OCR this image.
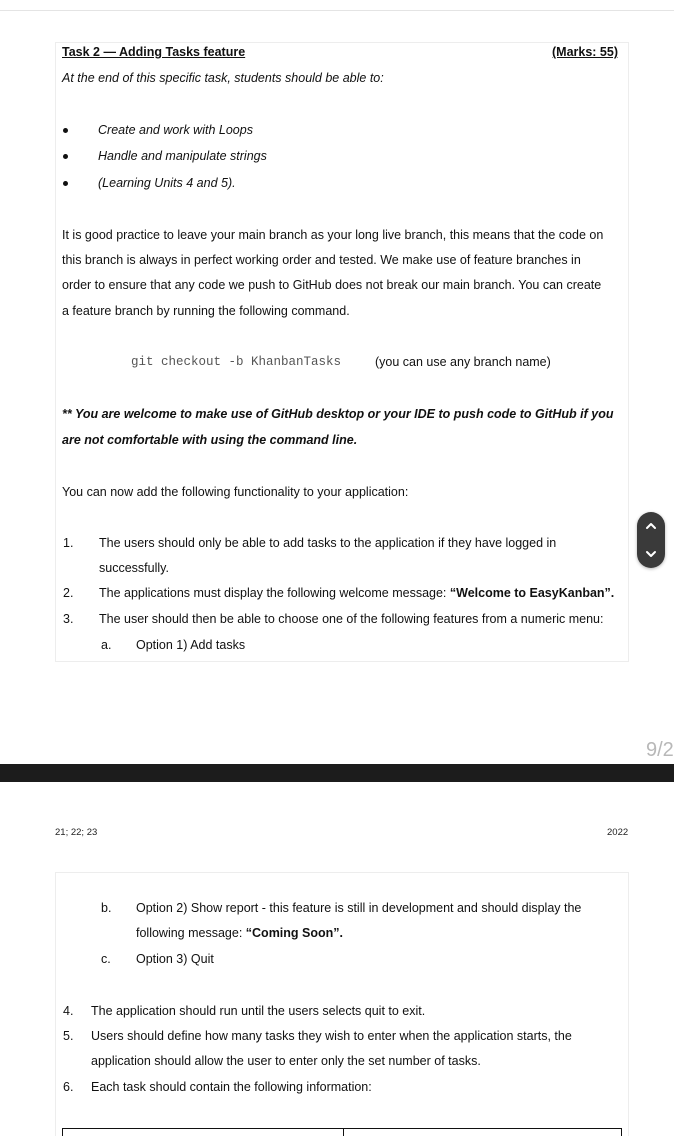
Task 2 — Adding Tasks feature	(Marks: 55)
At the end of this specific task, students should be able to:
Create and work with Loops
Handle and manipulate strings
(Learning Units 4 and 5).
It is good practice to leave your main branch as your long live branch, this means that the code on
this branch is always in perfect working order and tested. We make use of feature branches in
order to ensure that any code we push to GitHub does not break our main branch. You can create
a feature branch by running the following command.
git checkout -b KhanbanTasks	(you can use any branch name)
** You are welcome to make use of GitHub desktop or your IDE to push code to GitHub if you
are not comfortable with using the command line.
You can now add the following functionality to your application:
1. The users should only be able to add tasks to the application if they have logged in
successfully.
2. The applications must display the following welcome message: “Welcome to EasyKanban”.
3. The user should then be able to choose one of the following features from a numeric menu:
a. Option 1) Add tasks
9/2
21; 22; 23	2022
b. Option 2) Show report - this feature is still in development and should display the
following message: “Coming Soon”.
c. Option 3) Quit
4. The application should run until the users selects quit to exit.
5. Users should define how many tasks they wish to enter when the application starts, the
application should allow the user to enter only the set number of tasks.
6. Each task should contain the following information:
